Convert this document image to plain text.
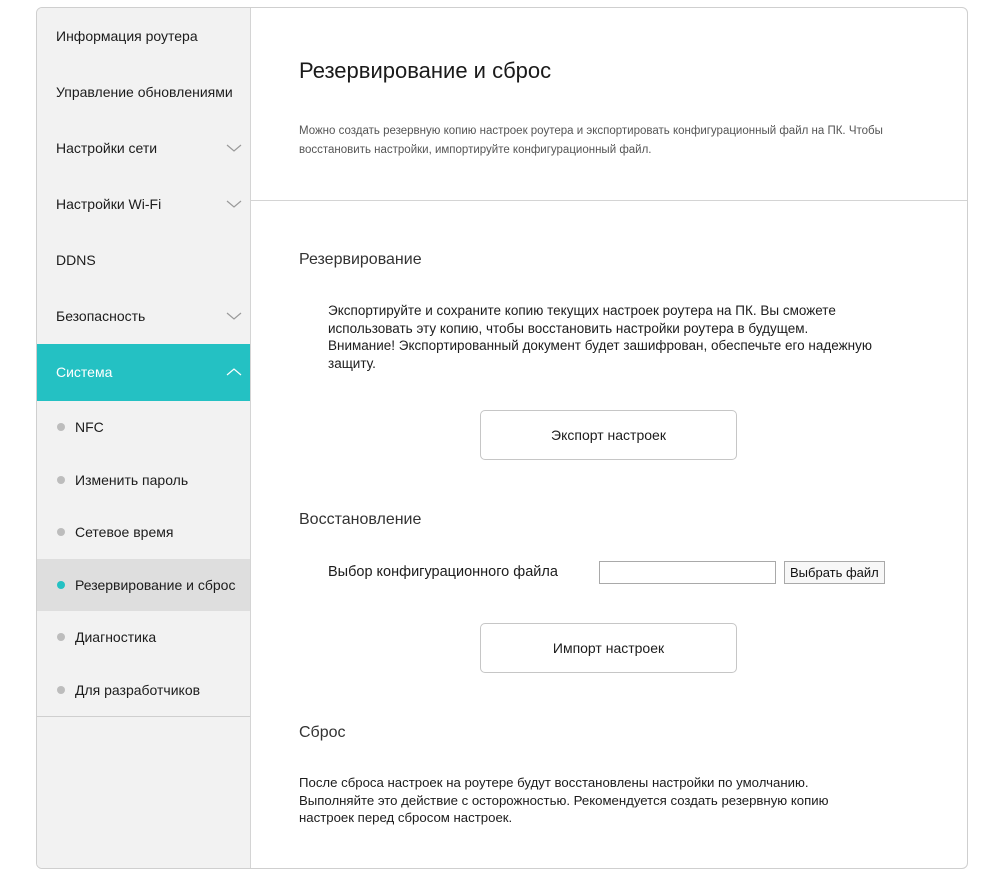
Информация роутера
Управление обновлениями
Настройки сети
Настройки Wi-Fi
DDNS
Безопасность
Система
NFC
Изменить пароль
Сетевое время
Резервирование и сброс
Диагностика
Для разработчиков
Резервирование и сброс
Можно создать резервную копию настроек роутера и экспортировать конфигурационный файл на ПК. Чтобы
восстановить настройки, импортируйте конфигурационный файл.
Резервирование
Экспортируйте и сохраните копию текущих настроек роутера на ПК. Вы сможете
использовать эту копию, чтобы восстановить настройки роутера в будущем.
Внимание! Экспортированный документ будет зашифрован, обеспечьте его надежную
защиту.
Экспорт настроек
Восстановление
Выбор конфигурационного файла	Выбрать файл
Импорт настроек
Сброс
После сброса настроек на роутере будут восстановлены настройки по умолчанию.
Выполняйте это действие с осторожностью. Рекомендуется создать резервную копию
настроек перед сбросом настроек.
